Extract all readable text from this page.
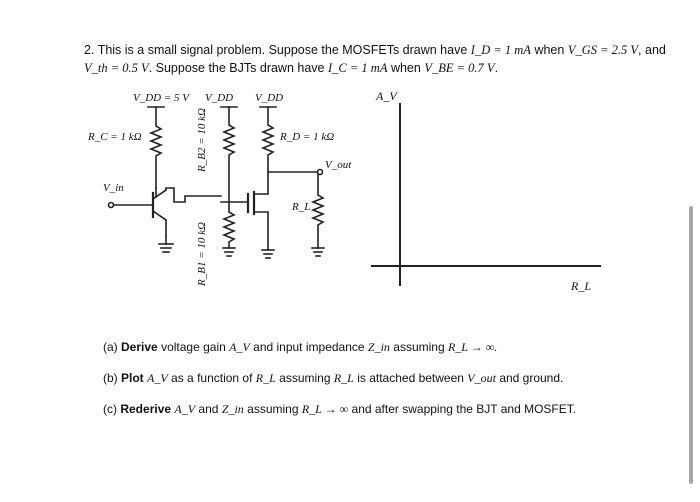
2. This is a small signal problem. Suppose the MOSFETs drawn have I_D = 1 mA when V_GS = 2.5 V, and
V_th = 0.5 V. Suppose the BJTs drawn have I_C = 1 mA when V_BE = 0.7 V.
V_DD = 5 V V_DD V_DD
R_C = 1 kΩ	R_D = 1 kΩ
V_out
V_in
R_L
R_B2 = 10 kΩ
R_B1 = 10 kΩ
A_V
R_L
(a) Derive voltage gain A_V and input impedance Z_in assuming R_L → ∞.
(b) Plot A_V as a function of R_L assuming R_L is attached between V_out and ground.
(c) Rederive A_V and Z_in assuming R_L → ∞ and after swapping the BJT and MOSFET.
